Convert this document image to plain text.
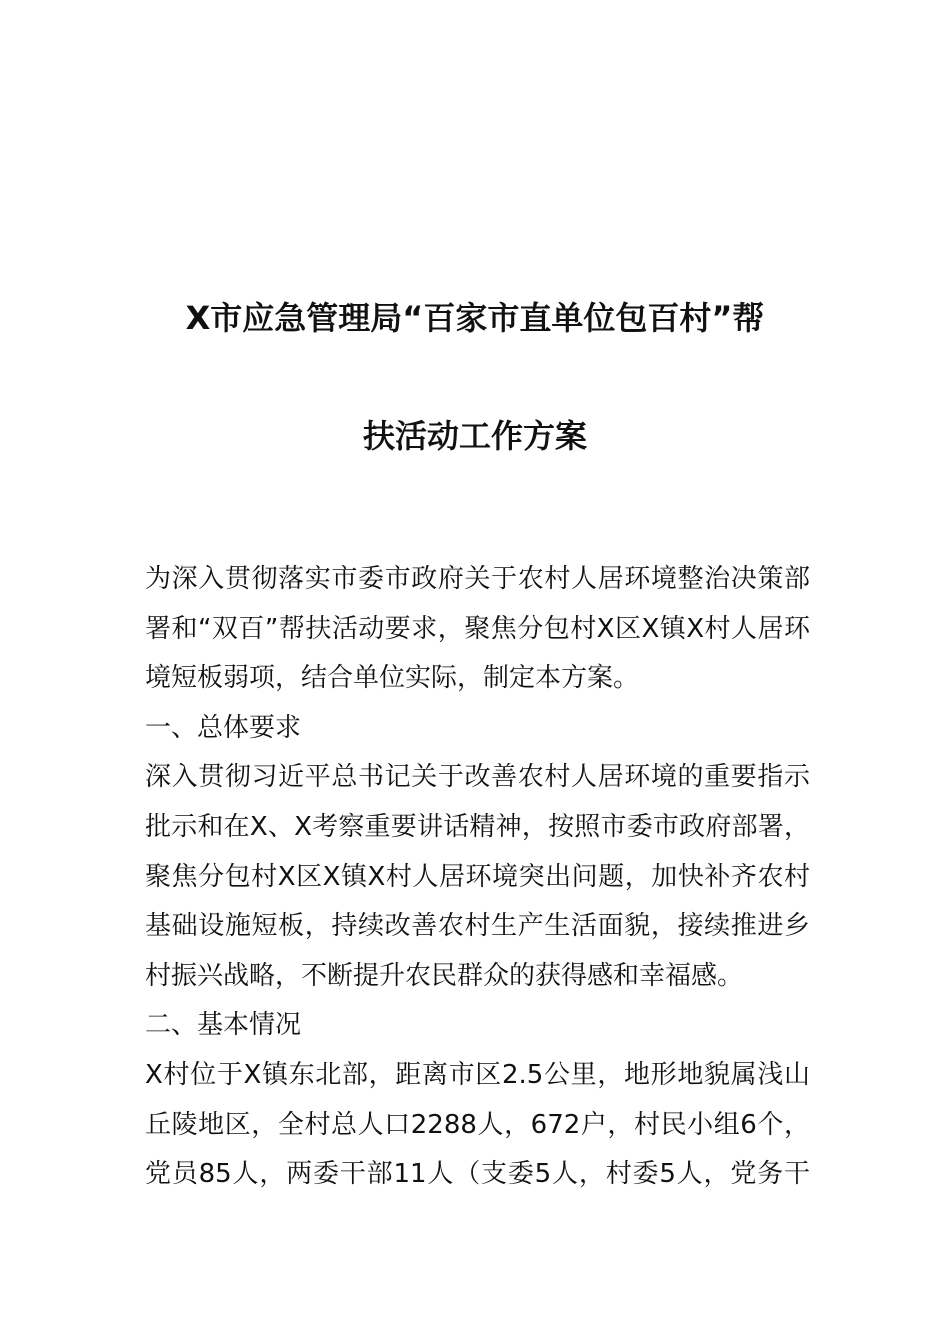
X市应急管理局“百家市直单位包百村”帮
扶活动工作方案
为深入贯彻落实市委市政府关于农村人居环境整治决策部
署和“双百”帮扶活动要求，聚焦分包村X区X镇X村人居环
境短板弱项，结合单位实际，制定本方案。
一、总体要求
深入贯彻习近平总书记关于改善农村人居环境的重要指示
批示和在X、X考察重要讲话精神，按照市委市政府部署，
聚焦分包村X区X镇X村人居环境突出问题，加快补齐农村
基础设施短板，持续改善农村生产生活面貌，接续推进乡
村振兴战略，不断提升农民群众的获得感和幸福感。
二、基本情况
X村位于X镇东北部，距离市区2.5公里，地形地貌属浅山
丘陵地区，全村总人口2288人，672户，村民小组6个，
党员85人，两委干部11人（支委5人，村委5人，党务干
